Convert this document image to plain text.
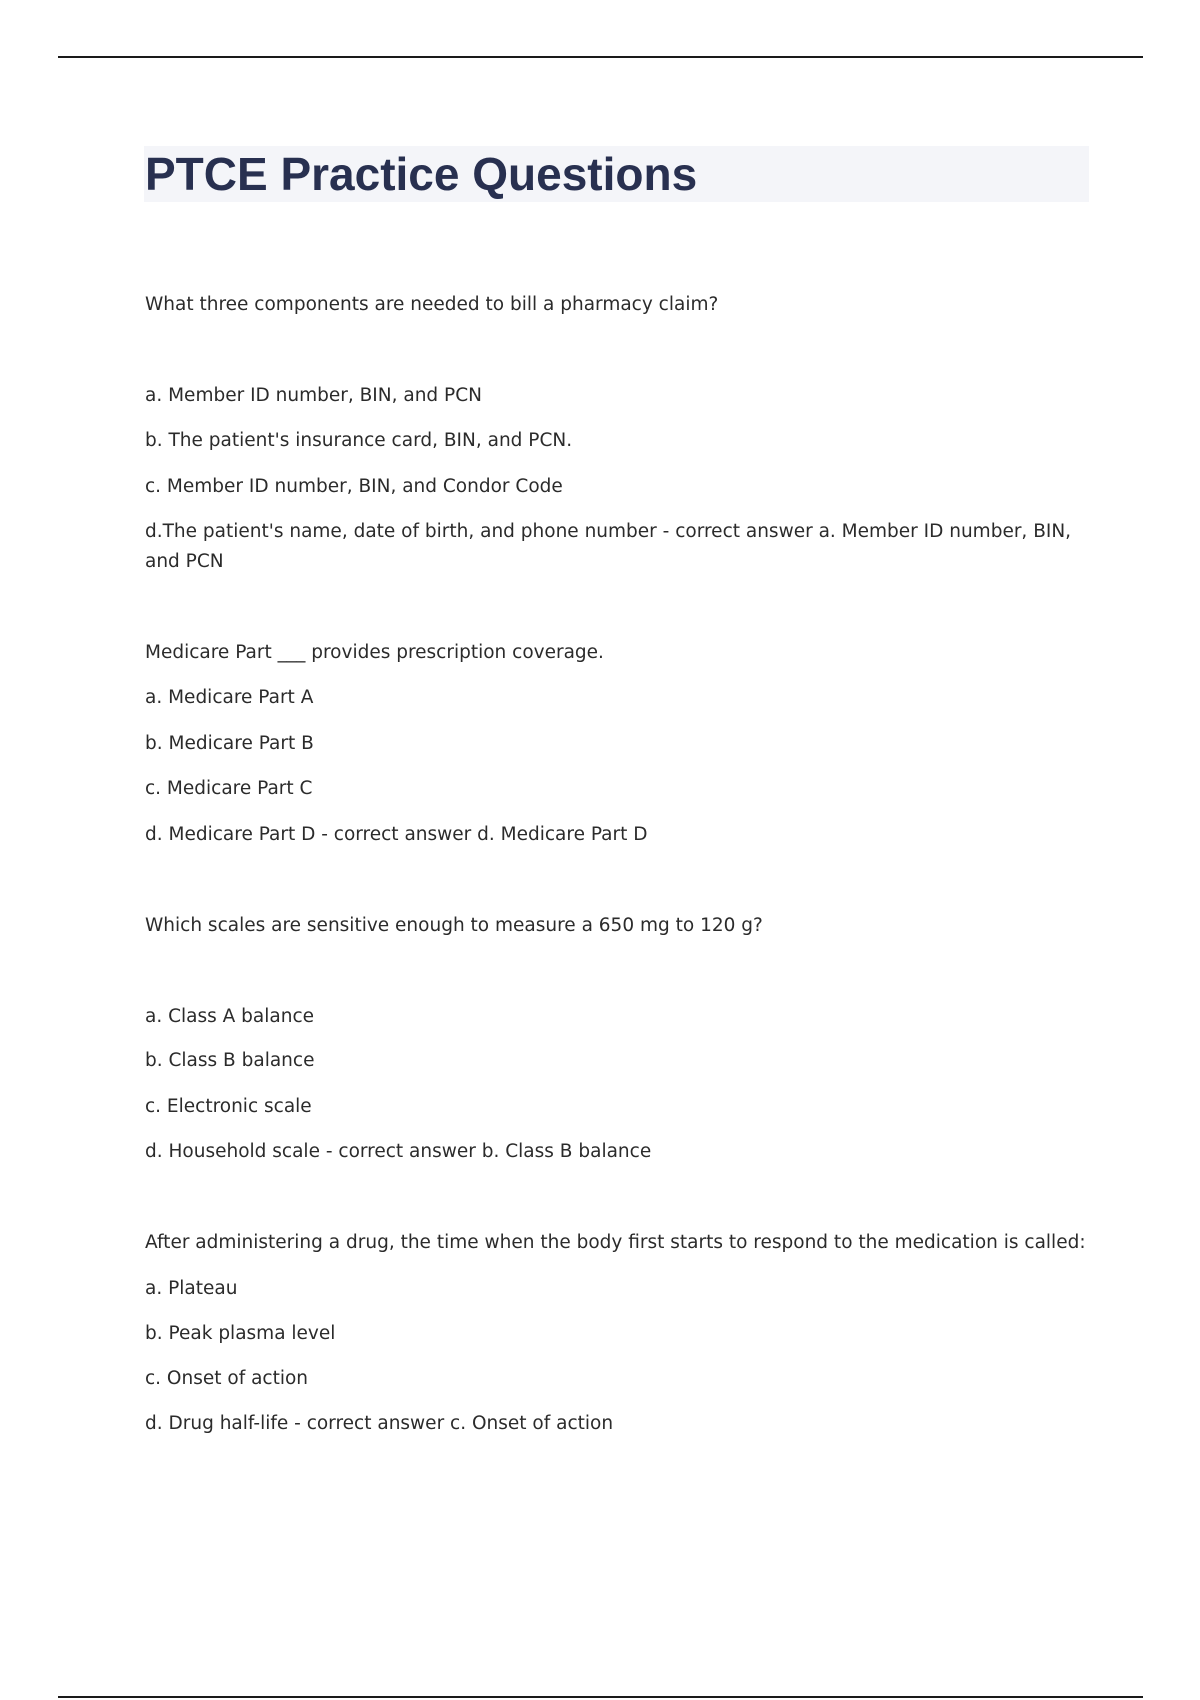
PTCE Practice Questions
What three components are needed to bill a pharmacy claim?
a. Member ID number, BIN, and PCN
b. The patient's insurance card, BIN, and PCN.
c. Member ID number, BIN, and Condor Code
d.The patient's name, date of birth, and phone number - correct answer a. Member ID number, BIN, and PCN
Medicare Part ___ provides prescription coverage.
a. Medicare Part A
b. Medicare Part B
c. Medicare Part C
d. Medicare Part D - correct answer d. Medicare Part D
Which scales are sensitive enough to measure a 650 mg to 120 g?
a. Class A balance
b. Class B balance
c. Electronic scale
d. Household scale - correct answer b. Class B balance
After administering a drug, the time when the body first starts to respond to the medication is called:
a. Plateau
b. Peak plasma level
c. Onset of action
d. Drug half-life - correct answer c. Onset of action
